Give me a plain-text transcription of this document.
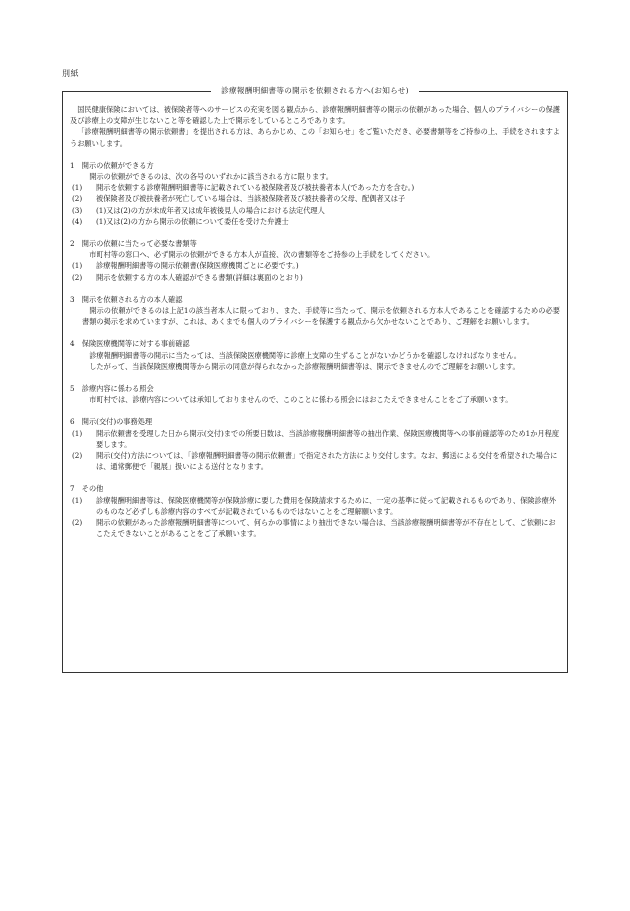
別紙
診療報酬明細書等の開示を依頼される方へ(お知らせ)

国民健康保険においては、被保険者等へのサービスの充実を図る観点から、診療報酬明細書等の開示の依頼があった場合、個人のプライバシーの保護及び診療上の支障が生じないこと等を確認した上で開示をしているところであります。

「診療報酬明細書等の開示依頼書」を提出される方は、あらかじめ、この「お知らせ」をご覧いただき、必要書類等をご持参の上、手続をされますようお願いします。

1　開示の依頼ができる方

開示の依頼ができるのは、次の各号のいずれかに該当される方に限ります。

(1)	開示を依頼する診療報酬明細書等に記載されている被保険者及び被扶養者本人(であった方を含む。)
(2)	被保険者及び被扶養者が死亡している場合は、当該被保険者及び被扶養者の父母、配偶者又は子
(3)	(1)又は(2)の方が未成年者又は成年被後見人の場合における法定代理人
(4)	(1)又は(2)の方から開示の依頼について委任を受けた弁護士

2　開示の依頼に当たって必要な書類等

市町村等の窓口へ、必ず開示の依頼ができる方本人が直接、次の書類等をご持参の上手続をしてください。

(1)	診療報酬明細書等の開示依頼書(保険医療機関ごとに必要です。)
(2)	開示を依頼する方の本人確認ができる書類(詳細は裏面のとおり)

3　開示を依頼される方の本人確認

開示の依頼ができるのは上記1の該当者本人に限っており、また、手続等に当たって、開示を依頼される方本人であることを確認するための必要書類の掲示を求めていますが、これは、あくまでも個人のプライバシーを保護する観点から欠かせないことであり、ご理解をお願いします。

4　保険医療機関等に対する事前確認

診療報酬明細書等の開示に当たっては、当該保険医療機関等に診療上支障の生ずることがないかどうかを確認しなければなりません。

したがって、当該保険医療機関等から開示の同意が得られなかった診療報酬明細書等は、開示できませんのでご理解をお願いします。

5　診療内容に係わる照会

市町村では、診療内容については承知しておりませんので、このことに係わる照会にはおこたえできませんことをご了承願います。

6　開示(交付)の事務処理

(1)	開示依頼書を受理した日から開示(交付)までの所要日数は、当該診療報酬明細書等の抽出作業、保険医療機関等への事前確認等のため1か月程度要します。
(2)	開示(交付)方法については、「診療報酬明細書等の開示依頼書」で指定された方法により交付します。なお、郵送による交付を希望された場合には、通常郵便で「親展」扱いによる送付となります。

7　その他

(1)	診療報酬明細書等は、保険医療機関等が保険診療に要した費用を保険請求するために、一定の基準に従って記載されるものであり、保険診療外のものなど必ずしも診療内容のすべてが記載されているものではないことをご理解願います。
(2)	開示の依頼があった診療報酬明細書等について、何らかの事情により抽出できない場合は、当該診療報酬明細書等が不存在として、ご依頼におこたえできないことがあることをご了承願います。
